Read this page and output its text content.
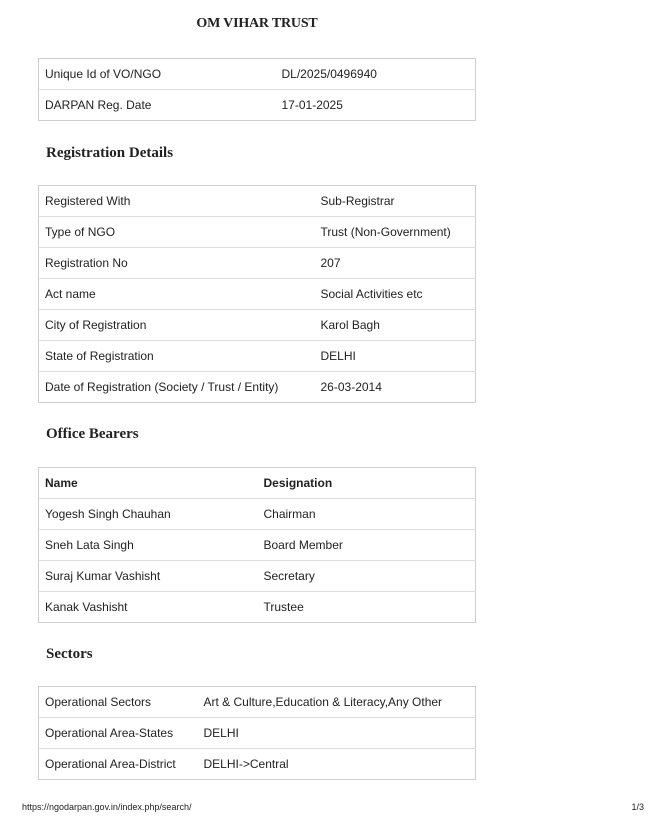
OM VIHAR TRUST
Unique Id of VO/NGO	DL/2025/0496940
DARPAN Reg. Date	17-01-2025
Registration Details
Registered With	Sub-Registrar
Type of NGO	Trust (Non-Government)
Registration No	207
Act name	Social Activities etc
City of Registration	Karol Bagh
State of Registration	DELHI
Date of Registration (Society / Trust / Entity)	26-03-2014
Office Bearers
Name	Designation
Yogesh Singh Chauhan	Chairman
Sneh Lata Singh	Board Member
Suraj Kumar Vashisht	Secretary
Kanak Vashisht	Trustee
Sectors
Operational Sectors	Art & Culture,Education & Literacy,Any Other
Operational Area-States	DELHI
Operational Area-District	DELHI->Central
https://ngodarpan.gov.in/index.php/search/	1/3
